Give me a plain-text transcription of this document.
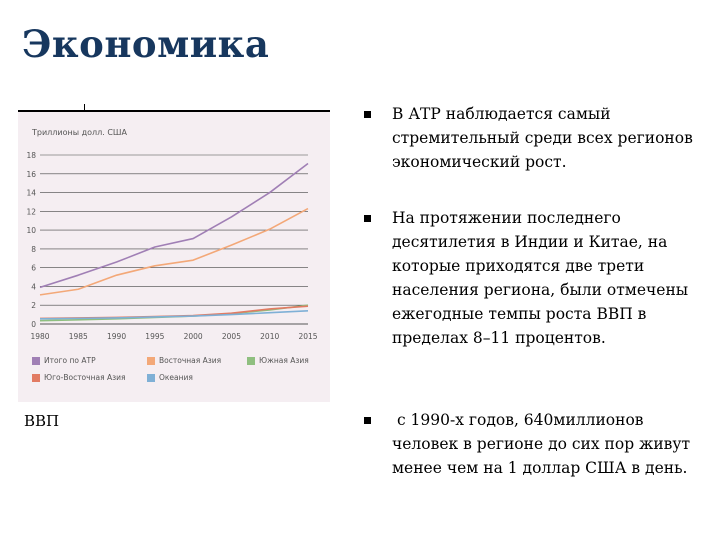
Экономика
Триллионы долл. США
0
2
4
6
8
10
12
14
16
18
1980	1985	1990	1995	2000	2005	2010	2015
Итого по АТР	Восточная Азия	Южная Азия
Юго-Восточная Азия	Океания

ВВП

В АТР наблюдается самый стремительный среди всех регионов экономический рост.
На протяжении последнего десятилетия в Индии и Китае, на которые приходятся две трети населения региона, были отмечены ежегодные темпы роста ВВП в пределах 8–11 процентов.
с 1990-х годов, 640миллионов человек в регионе до сих пор живут менее чем на 1 доллар США в день.
